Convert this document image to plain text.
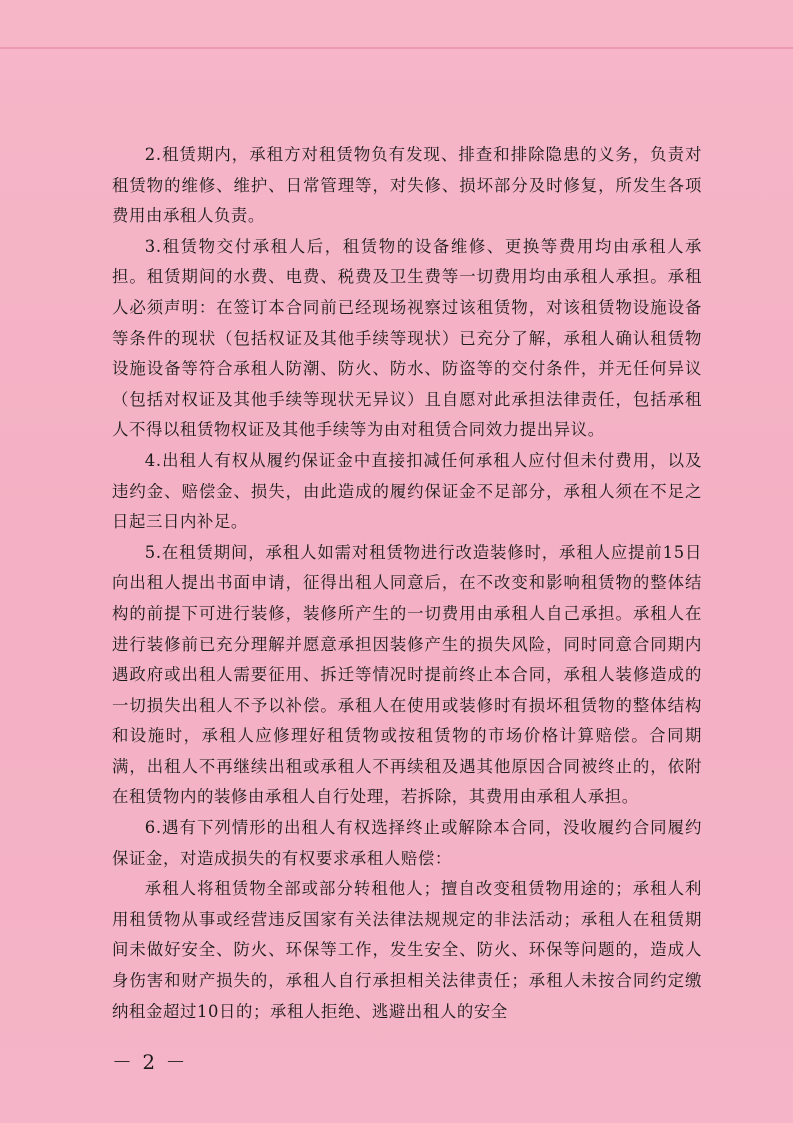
2.租赁期内，承租方对租赁物负有发现、排查和排除隐患的义务，负责对租赁物的维修、维护、日常管理等，对失修、损坏部分及时修复，所发生各项费用由承租人负责。

3.租赁物交付承租人后，租赁物的设备维修、更换等费用均由承租人承担。租赁期间的水费、电费、税费及卫生费等一切费用均由承租人承担。承租人必须声明：在签订本合同前已经现场视察过该租赁物，对该租赁物设施设备等条件的现状（包括权证及其他手续等现状）已充分了解，承租人确认租赁物设施设备等符合承租人防潮、防火、防水、防盗等的交付条件，并无任何异议（包括对权证及其他手续等现状无异议）且自愿对此承担法律责任，包括承租人不得以租赁物权证及其他手续等为由对租赁合同效力提出异议。

4.出租人有权从履约保证金中直接扣减任何承租人应付但未付费用，以及违约金、赔偿金、损失，由此造成的履约保证金不足部分，承租人须在不足之日起三日内补足。

5.在租赁期间，承租人如需对租赁物进行改造装修时，承租人应提前15日向出租人提出书面申请，征得出租人同意后，在不改变和影响租赁物的整体结构的前提下可进行装修，装修所产生的一切费用由承租人自己承担。承租人在进行装修前已充分理解并愿意承担因装修产生的损失风险，同时同意合同期内遇政府或出租人需要征用、拆迁等情况时提前终止本合同，承租人装修造成的一切损失出租人不予以补偿。承租人在使用或装修时有损坏租赁物的整体结构和设施时，承租人应修理好租赁物或按租赁物的市场价格计算赔偿。合同期满，出租人不再继续出租或承租人不再续租及遇其他原因合同被终止的，依附在租赁物内的装修由承租人自行处理，若拆除，其费用由承租人承担。

6.遇有下列情形的出租人有权选择终止或解除本合同，没收履约合同履约保证金，对造成损失的有权要求承租人赔偿：

承租人将租赁物全部或部分转租他人；擅自改变租赁物用途的；承租人利用租赁物从事或经营违反国家有关法律法规规定的非法活动；承租人在租赁期间未做好安全、防火、环保等工作，发生安全、防火、环保等问题的，造成人身伤害和财产损失的，承租人自行承担相关法律责任；承租人未按合同约定缴纳租金超过10日的；承租人拒绝、逃避出租人的安全

－ 2 －
